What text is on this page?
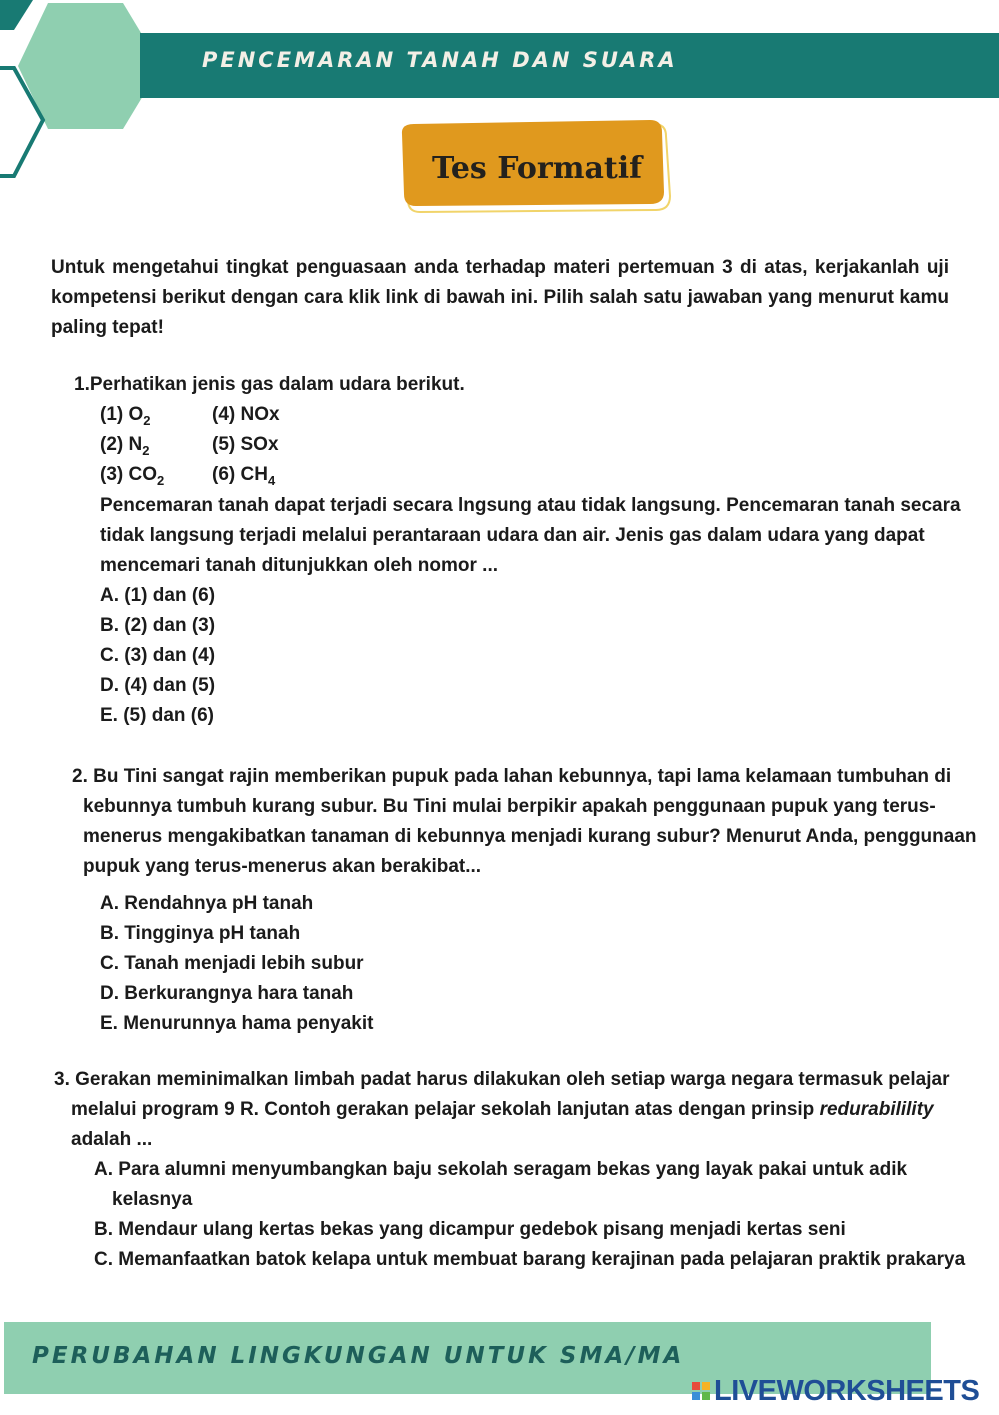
PENCEMARAN TANAH DAN SUARA
Tes Formatif
Untuk mengetahui tingkat penguasaan anda terhadap materi pertemuan 3 di atas, kerjakanlah uji kompetensi berikut dengan cara klik link di bawah ini. Pilih salah satu jawaban yang menurut kamu paling tepat!
1.Perhatikan jenis gas dalam udara berikut.
(1) $O_2$
(2) $N_2$
(3) $CO_2$
(4) NOx
(5) SOx
(6) $CH_4$
Pencemaran tanah dapat terjadi secara lngsung atau tidak langsung. Pencemaran tanah secara
tidak langsung terjadi melalui perantaraan udara dan air. Jenis gas dalam udara yang dapat
mencemari tanah ditunjukkan oleh nomor ...
A. (1) dan (6)
B. (2) dan (3)
C. (3) dan (4)
D. (4) dan (5)
E. (5) dan (6)
2. Bu Tini sangat rajin memberikan pupuk pada lahan kebunnya, tapi lama kelamaan tumbuhan di
kebunnya tumbuh kurang subur. Bu Tini mulai berpikir apakah penggunaan pupuk yang terus-
menerus mengakibatkan tanaman di kebunnya menjadi kurang subur? Menurut Anda, penggunaan
pupuk yang terus-menerus akan berakibat...
A. Rendahnya pH tanah
B. Tingginya pH tanah
C. Tanah menjadi lebih subur
D. Berkurangnya hara tanah
E. Menurunnya hama penyakit
3. Gerakan meminimalkan limbah padat harus dilakukan oleh setiap warga negara termasuk pelajar
melalui program 9 R. Contoh gerakan pelajar sekolah lanjutan atas dengan prinsip redurabilility
adalah ...
A. Para alumni menyumbangkan baju sekolah seragam bekas yang layak pakai untuk adik
kelasnya
B. Mendaur ulang kertas bekas yang dicampur gedebok pisang menjadi kertas seni
C. Memanfaatkan batok kelapa untuk membuat barang kerajinan pada pelajaran praktik prakarya
PERUBAHAN LINGKUNGAN UNTUK SMA/MA
LIVEWORKSHEETS
